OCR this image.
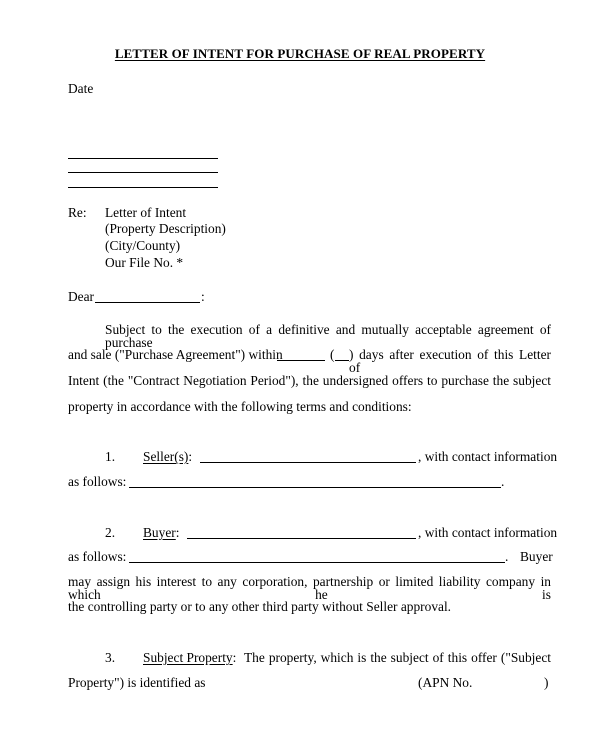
LETTER OF INTENT FOR PURCHASE OF REAL PROPERTY
Date
Re: Letter of Intent
(Property Description)
(City/County)
Our File No. *
Dear	:
Subject to the execution of a definitive and mutually acceptable agreement of purchase
and sale ("Purchase Agreement") within	( ) days after execution of this Letter of
Intent (the "Contract Negotiation Period"), the undersigned offers to purchase the subject
property in accordance with the following terms and conditions:
1. Seller(s):	, with contact information
as follows:	.
2. Buyer:	, with contact information
as follows:	. Buyer
may assign his interest to any corporation, partnership or limited liability company in which he is
the controlling party or to any other third party without Seller approval.
3. Subject Property: The property, which is the subject of this offer ("Subject
Property") is identified as	(APN No.	)
